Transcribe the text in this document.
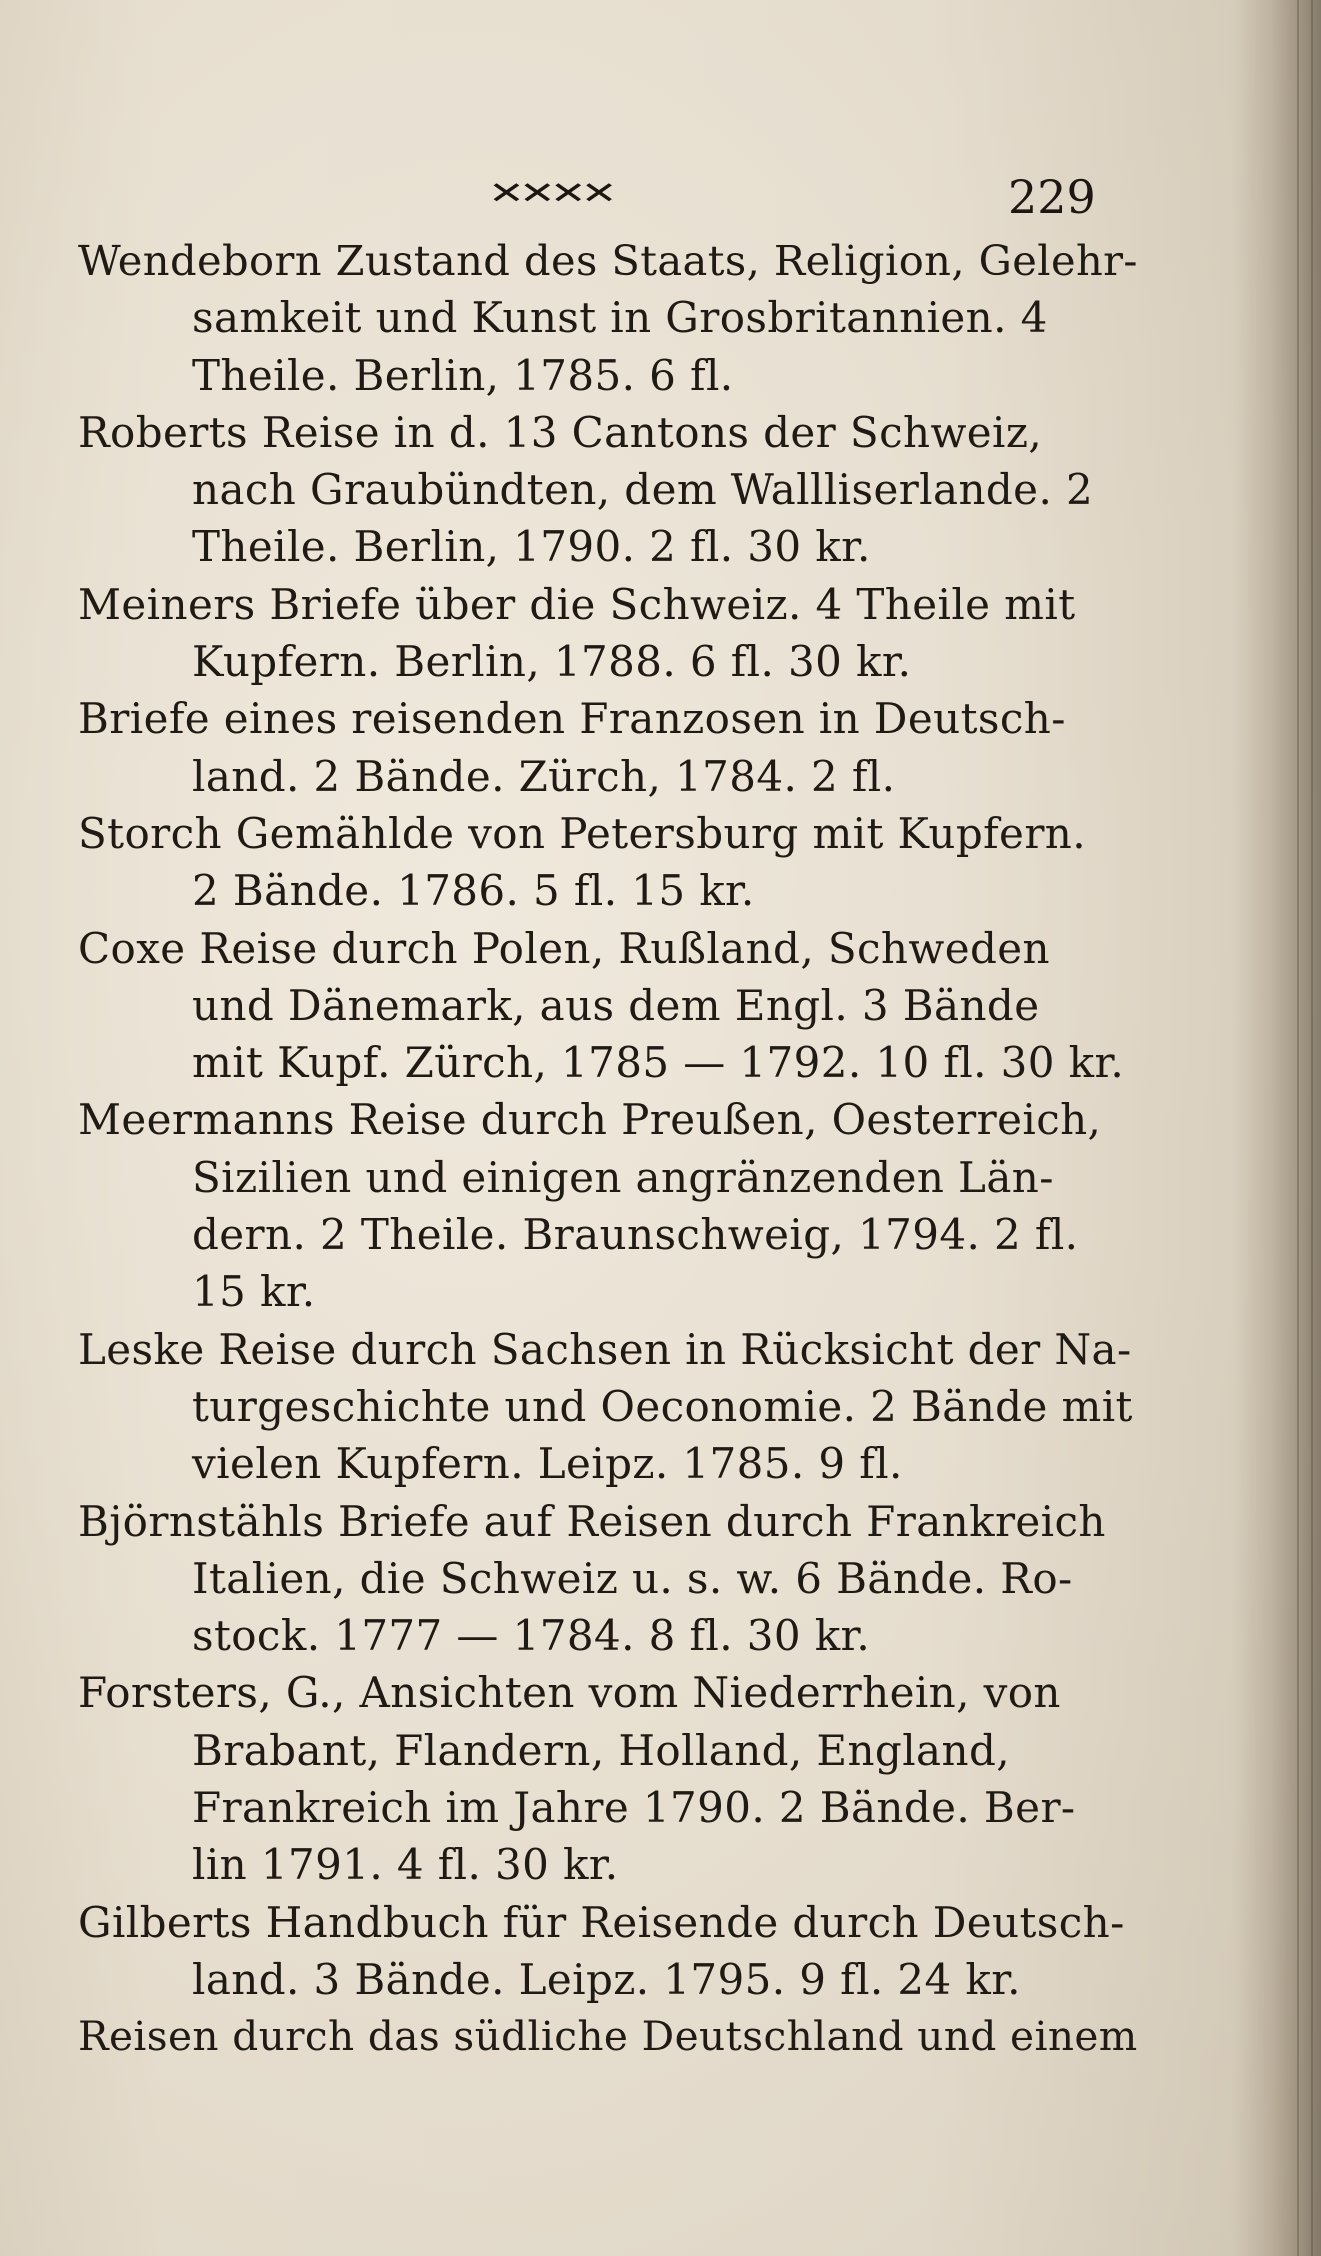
✕✕✕✕	229
Wendeborn Zustand des Staats, Religion, Gelehr-
samkeit und Kunst in Grosbritannien. 4
Theile. Berlin, 1785. 6 fl.
Roberts Reise in d. 13 Cantons der Schweiz,
nach Graubündten, dem Wallliserlande. 2
Theile. Berlin, 1790. 2 fl. 30 kr.
Meiners Briefe über die Schweiz. 4 Theile mit
Kupfern. Berlin, 1788. 6 fl. 30 kr.
Briefe eines reisenden Franzosen in Deutsch-
land. 2 Bände. Zürch, 1784. 2 fl.
Storch Gemählde von Petersburg mit Kupfern.
2 Bände. 1786. 5 fl. 15 kr.
Coxe Reise durch Polen, Rußland, Schweden
und Dänemark, aus dem Engl. 3 Bände
mit Kupf. Zürch, 1785 — 1792. 10 fl. 30 kr.
Meermanns Reise durch Preußen, Oesterreich,
Sizilien und einigen angränzenden Län-
dern. 2 Theile. Braunschweig, 1794. 2 fl.
15 kr.
Leske Reise durch Sachsen in Rücksicht der Na-
turgeschichte und Oeconomie. 2 Bände mit
vielen Kupfern. Leipz. 1785. 9 fl.
Björnstähls Briefe auf Reisen durch Frankreich
Italien, die Schweiz u. s. w. 6 Bände. Ro-
stock. 1777 — 1784. 8 fl. 30 kr.
Forsters, G., Ansichten vom Niederrhein, von
Brabant, Flandern, Holland, England,
Frankreich im Jahre 1790. 2 Bände. Ber-
lin 1791. 4 fl. 30 kr.
Gilberts Handbuch für Reisende durch Deutsch-
land. 3 Bände. Leipz. 1795. 9 fl. 24 kr.
Reisen durch das südliche Deutschland und einem
